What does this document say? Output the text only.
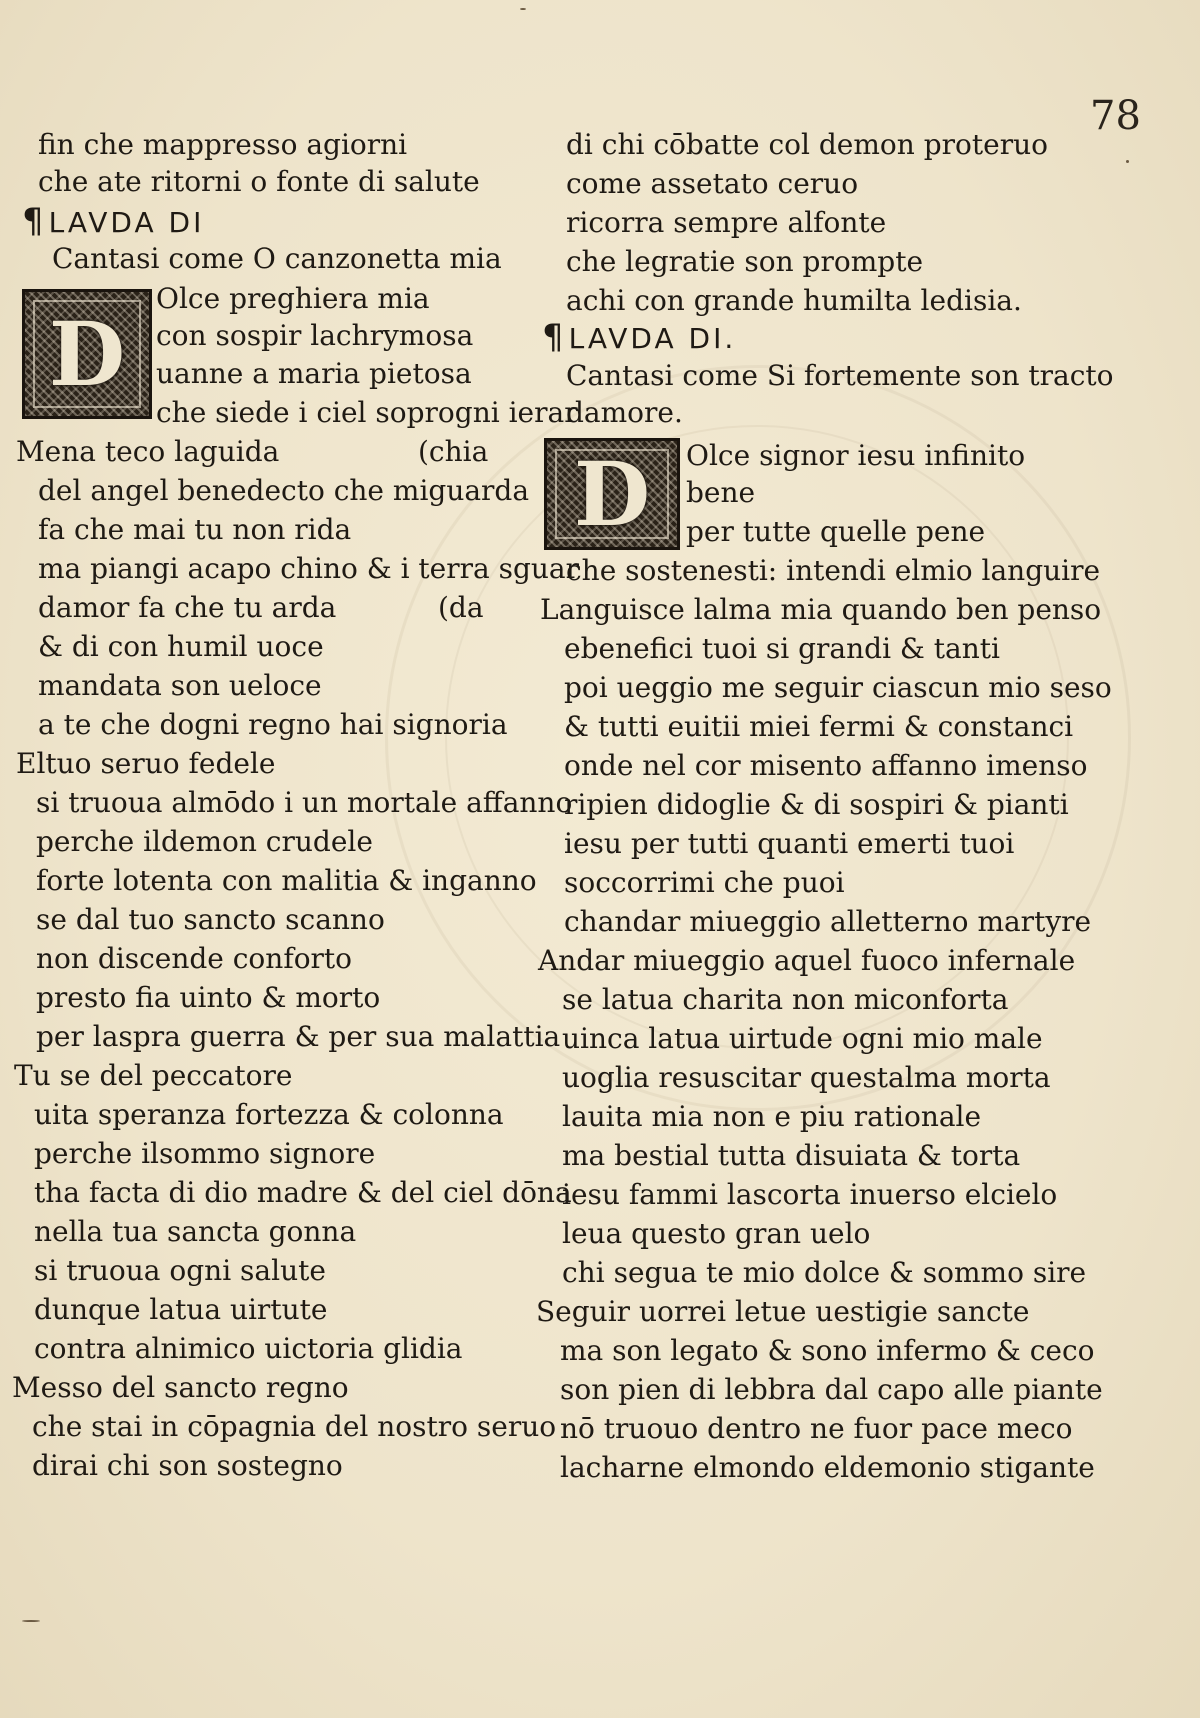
78
fin che mappresso agiorni
che ate ritorni o fonte di salute
¶LAVDA DI
Cantasi come O canzonetta mia
D
Olce preghiera mia
con sospir lachrymosa
uanne a maria pietosa
che siede i ciel soprogni ierar
Mena teco laguida	(chia
del angel benedecto che miguarda
fa che mai tu non rida
ma piangi acapo chino & i terra sguar
damor fa che tu arda	(da
& di con humil uoce
mandata son ueloce
a te che dogni regno hai signoria
Eltuo seruo fedele
si truoua almōdo i un mortale affanno
perche ildemon crudele
forte lotenta con malitia & inganno
se dal tuo sancto scanno
non discende conforto
presto fia uinto & morto
per laspra guerra & per sua malattia
Tu se del peccatore
uita speranza fortezza & colonna
perche ilsommo signore
tha facta di dio madre & del ciel dōna
nella tua sancta gonna
si truoua ogni salute
dunque latua uirtute
contra alnimico uictoria glidia
Messo del sancto regno
che stai in cōpagnia del nostro seruo
dirai chi son sostegno
di chi cōbatte col demon proteruo
come assetato ceruo
ricorra sempre alfonte
che legratie son prompte
achi con grande humilta ledisia.
¶LAVDA DI.
Cantasi come Si fortemente son tracto
damore.
D Olce signor iesu infinito
bene
per tutte quelle pene
che sostenesti: intendi elmio languire
Languisce lalma mia quando ben penso
ebenefici tuoi si grandi & tanti
poi ueggio me seguir ciascun mio seso
& tutti euitii miei fermi & constanci
onde nel cor misento affanno imenso
ripien didoglie & di sospiri & pianti
iesu per tutti quanti emerti tuoi
soccorrimi che puoi
chandar miueggio alletterno martyre
Andar miueggio aquel fuoco infernale
se latua charita non miconforta
uinca latua uirtude ogni mio male
uoglia resuscitar questalma morta
lauita mia non e piu rationale
ma bestial tutta disuiata & torta
iesu fammi lascorta inuerso elcielo
leua questo gran uelo
chi segua te mio dolce & sommo sire
Seguir uorrei letue uestigie sancte
ma son legato & sono infermo & ceco
son pien di lebbra dal capo alle piante
nō truouo dentro ne fuor pace meco
lacharne elmondo eldemonio stigante
